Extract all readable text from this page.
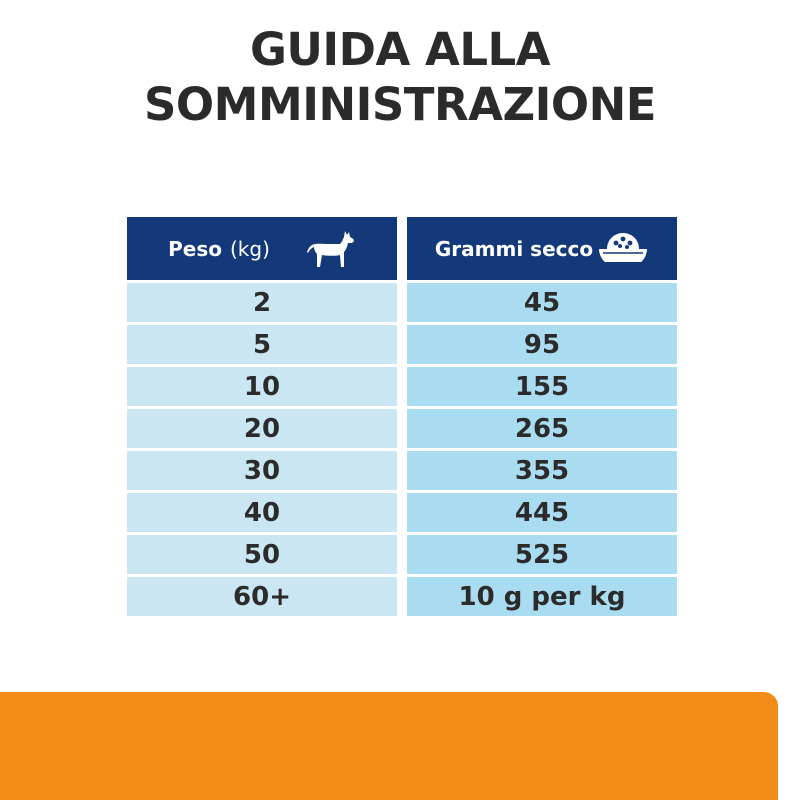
GUIDA ALLA
SOMMINISTRAZIONE
Peso (kg)
2
5
10
20
30
40
50
60+
Grammi secco
45
95
155
265
355
445
525
10 g per kg
